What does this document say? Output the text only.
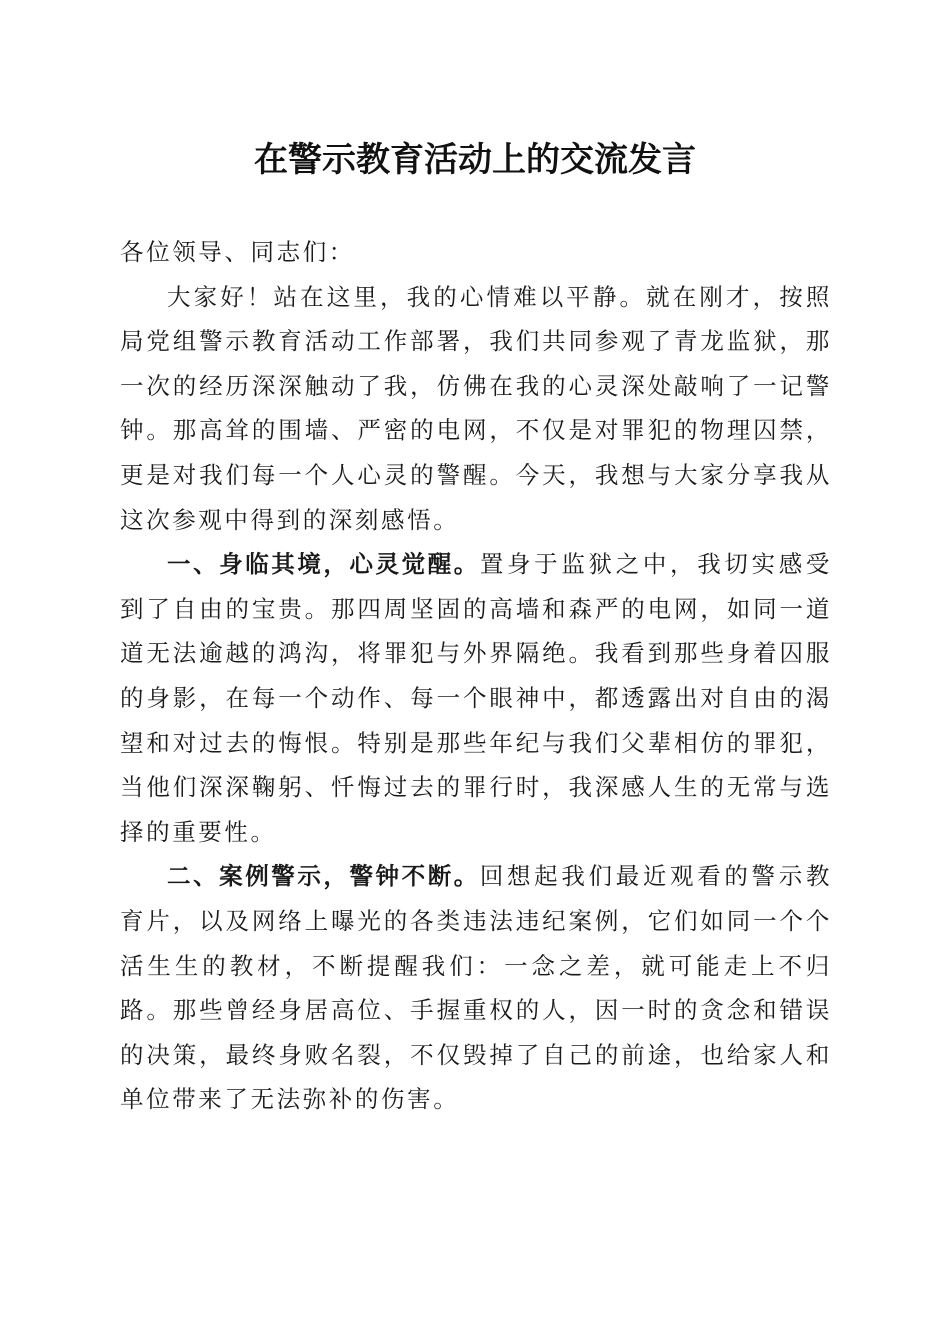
在警示教育活动上的交流发言

各位领导、同志们：

大家好！站在这里，我的心情难以平静。就在刚才，按照局党组警示教育活动工作部署，我们共同参观了青龙监狱，那一次的经历深深触动了我，仿佛在我的心灵深处敲响了一记警钟。那高耸的围墙、严密的电网，不仅是对罪犯的物理囚禁，更是对我们每一个人心灵的警醒。今天，我想与大家分享我从这次参观中得到的深刻感悟。

一、身临其境，心灵觉醒。置身于监狱之中，我切实感受到了自由的宝贵。那四周坚固的高墙和森严的电网，如同一道道无法逾越的鸿沟，将罪犯与外界隔绝。我看到那些身着囚服的身影，在每一个动作、每一个眼神中，都透露出对自由的渴望和对过去的悔恨。特别是那些年纪与我们父辈相仿的罪犯，当他们深深鞠躬、忏悔过去的罪行时，我深感人生的无常与选择的重要性。

二、案例警示，警钟不断。回想起我们最近观看的警示教育片，以及网络上曝光的各类违法违纪案例，它们如同一个个活生生的教材，不断提醒我们：一念之差，就可能走上不归路。那些曾经身居高位、手握重权的人，因一时的贪念和错误的决策，最终身败名裂，不仅毁掉了自己的前途，也给家人和单位带来了无法弥补的伤害。
